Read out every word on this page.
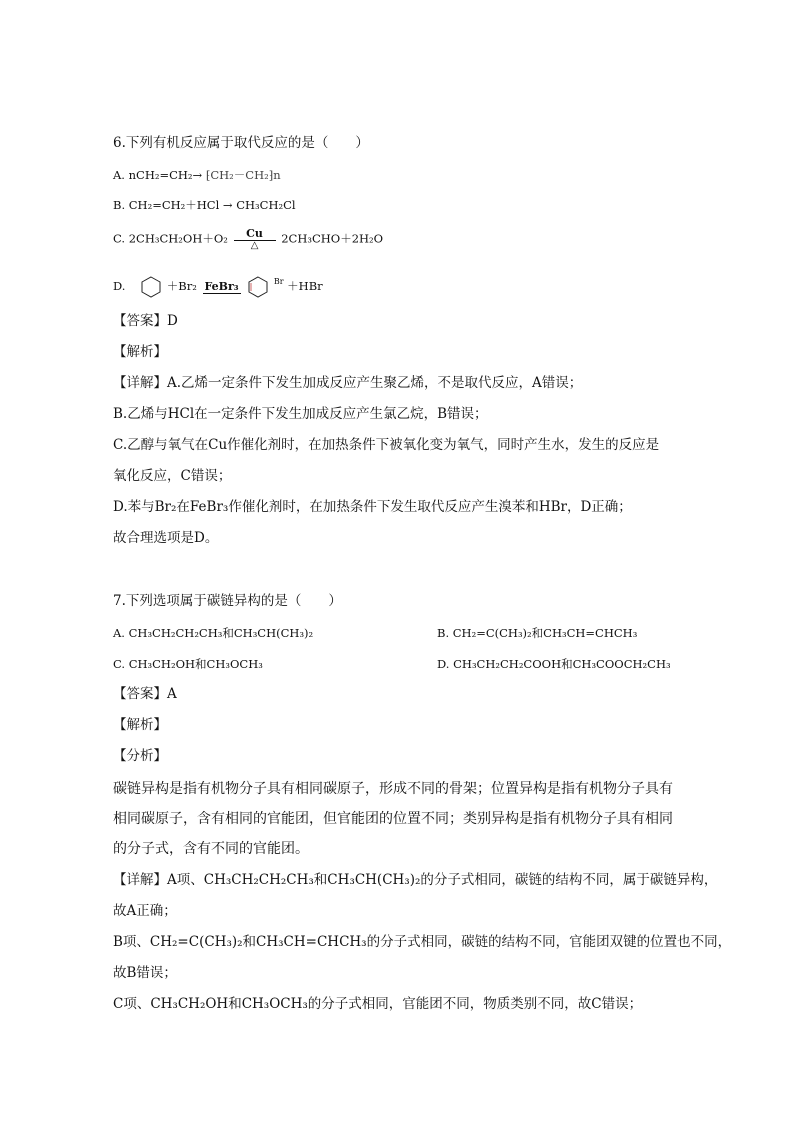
6.下列有机反应属于取代反应的是（　　）
A. nCH₂=CH₂→ ⁅CH₂－CH₂⁆n
B. CH₂=CH₂＋HCl → CH₃CH₂Cl
C. 2CH₃CH₂OH＋O₂	Cu
△	2CH₃CHO＋2H₂O
D.	＋Br₂ FeBr₃	$^{Br}$ ＋HBr
【答案】D
【解析】
【详解】A.乙烯一定条件下发生加成反应产生聚乙烯，不是取代反应，A错误；
B.乙烯与HCl在一定条件下发生加成反应产生氯乙烷，B错误；
C.乙醇与氧气在Cu作催化剂时，在加热条件下被氧化变为氧气，同时产生水，发生的反应是
氧化反应，C错误；
D.苯与Br₂在FeBr₃作催化剂时，在加热条件下发生取代反应产生溴苯和HBr，D正确；
故合理选项是D。
7.下列选项属于碳链异构的是（　　）
A. CH₃CH₂CH₂CH₃和CH₃CH(CH₃)₂	B. CH₂=C(CH₃)₂和CH₃CH=CHCH₃
C. CH₃CH₂OH和CH₃OCH₃	D. CH₃CH₂CH₂COOH和CH₃COOCH₂CH₃
【答案】A
【解析】
【分析】
碳链异构是指有机物分子具有相同碳原子，形成不同的骨架；位置异构是指有机物分子具有相同碳原子，含有相同的官能团，但官能团的位置不同；类别异构是指有机物分子具有相同的分子式，含有不同的官能团。
【详解】A项、CH₃CH₂CH₂CH₃和CH₃CH(CH₃)₂的分子式相同，碳链的结构不同，属于碳链异构，
故A正确；
B项、CH₂=C(CH₃)₂和CH₃CH=CHCH₃的分子式相同，碳链的结构不同，官能团双键的位置也不同，
故B错误；
C项、CH₃CH₂OH和CH₃OCH₃的分子式相同，官能团不同，物质类别不同，故C错误；
